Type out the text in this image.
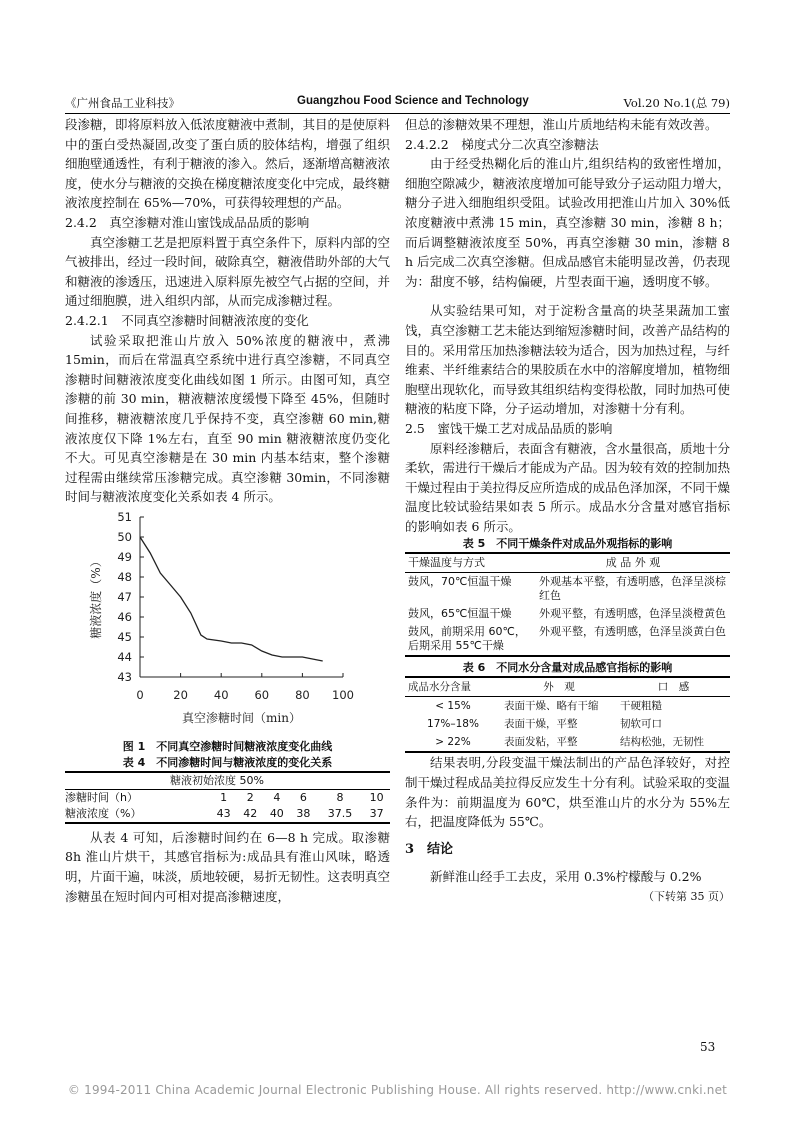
《广州食品工业科技》	Guangzhou Food Science and Technology	Vol.20 No.1(总 79)

段渗糖，即将原料放入低浓度糖液中煮制，其目的是使原料中的蛋白受热凝固,改变了蛋白质的胶体结构，增强了组织细胞壁通透性，有利于糖液的渗入。然后，逐渐增高糖液浓度，使水分与糖液的交换在梯度糖浓度变化中完成，最终糖液浓度控制在 65%—70%，可获得较理想的产品。

2.4.2　真空渗糖对淮山蜜饯成品品质的影响

真空渗糖工艺是把原料置于真空条件下，原料内部的空气被排出，经过一段时间，破除真空，糖液借助外部的大气和糖液的渗透压，迅速进入原料原先被空气占据的空间，并通过细胞膜，进入组织内部，从而完成渗糖过程。

2.4.2.1　不同真空渗糖时间糖液浓度的变化

试验采取把淮山片放入 50%浓度的糖液中，煮沸 15min，而后在常温真空系统中进行真空渗糖，不同真空渗糖时间糖液浓度变化曲线如图 1 所示。由图可知，真空渗糖的前 30 min，糖液糖浓度缓慢下降至 45%，但随时间推移，糖液糖浓度几乎保持不变，真空渗糖 60 min,糖液浓度仅下降 1%左右，直至 90 min 糖液糖浓度仍变化不大。可见真空渗糖是在 30 min 内基本结束，整个渗糖过程需由继续常压渗糖完成。真空渗糖 30min，不同渗糖时间与糖液浓度变化关系如表 4 所示。

43
44
45
46
47
48
49
50
51
0	20 40 60 80 100
真空渗糖时间（min）
糖液浓度（%）
图 1　不同真空渗糖时间糖液浓度变化曲线
表 4　不同渗糖时间与糖液浓度的变化关系
糖液初始浓度 50%						
渗糖时间（h）	1	2	4	6	8	10
糖液浓度（%）	43	42	40	38	37.5	37

从表 4 可知，后渗糖时间约在 6—8 h 完成。取渗糖 8h 淮山片烘干，其感官指标为:成品具有淮山风味，略透明，片面干遍，味淡，质地较硬，易折无韧性。这表明真空渗糖虽在短时间内可相对提高渗糖速度，

但总的渗糖效果不理想，淮山片质地结构未能有效改善。

2.4.2.2　梯度式分二次真空渗糖法

由于经受热糊化后的淮山片,组织结构的致密性增加，细胞空隙减少，糖液浓度增加可能导致分子运动阻力增大，糖分子进入细胞组织受阻。试验改用把淮山片加入 30%低浓度糖液中煮沸 15 min，真空渗糖 30 min，渗糖 8 h；而后调整糖液浓度至 50%，再真空渗糖 30 min，渗糖 8 h 后完成二次真空渗糖。但成品感官未能明显改善，仍表现为：甜度不够，结构偏硬，片型表面干遍，透明度不够。

从实验结果可知，对于淀粉含量高的块茎果蔬加工蜜饯，真空渗糖工艺未能达到缩短渗糖时间，改善产品结构的目的。采用常压加热渗糖法较为适合，因为加热过程，与纤维素、半纤维素结合的果胶质在水中的溶解度增加，植物细胞壁出现软化，而导致其组织结构变得松散，同时加热可使糖液的粘度下降，分子运动增加，对渗糖十分有利。

2.5　蜜饯干燥工艺对成品品质的影响

原料经渗糖后，表面含有糖液，含水量很高，质地十分柔软，需进行干燥后才能成为产品。因为较有效的控制加热干燥过程由于美拉得反应所造成的成品色泽加深，不同干燥温度比较试验结果如表 5 所示。成品水分含量对感官指标的影响如表 6 所示。

表 5　不同干燥条件对成品外观指标的影响
干燥温度与方式	成 品 外 观
鼓风，70℃恒温干燥	外观基本平整，有透明感，色泽呈淡棕红色
鼓风，65℃恒温干燥	外观平整，有透明感，色泽呈淡橙黄色
鼓风，前期采用 60℃，后期采用 55℃干燥	外观平整，有透明感，色泽呈淡黄白色
表 6　不同水分含量对成品感官指标的影响
成品水分含量	外　观	口　感
< 15%	表面干燥、略有干缩	干硬粗糙
17%–18%	表面干燥，平整	韧软可口
> 22%	表面发粘，平整	结构松弛，无韧性

结果表明,分段变温干燥法制出的产品色泽较好，对控制干燥过程成品美拉得反应发生十分有利。试验采取的变温条件为：前期温度为 60℃，烘至淮山片的水分为 55%左右，把温度降低为 55℃。

3　结论

新鲜淮山经手工去皮，采用 0.3%柠檬酸与 0.2%

（下转第 35 页）
53
© 1994-2011 China Academic Journal Electronic Publishing House. All rights reserved. http://www.cnki.net
